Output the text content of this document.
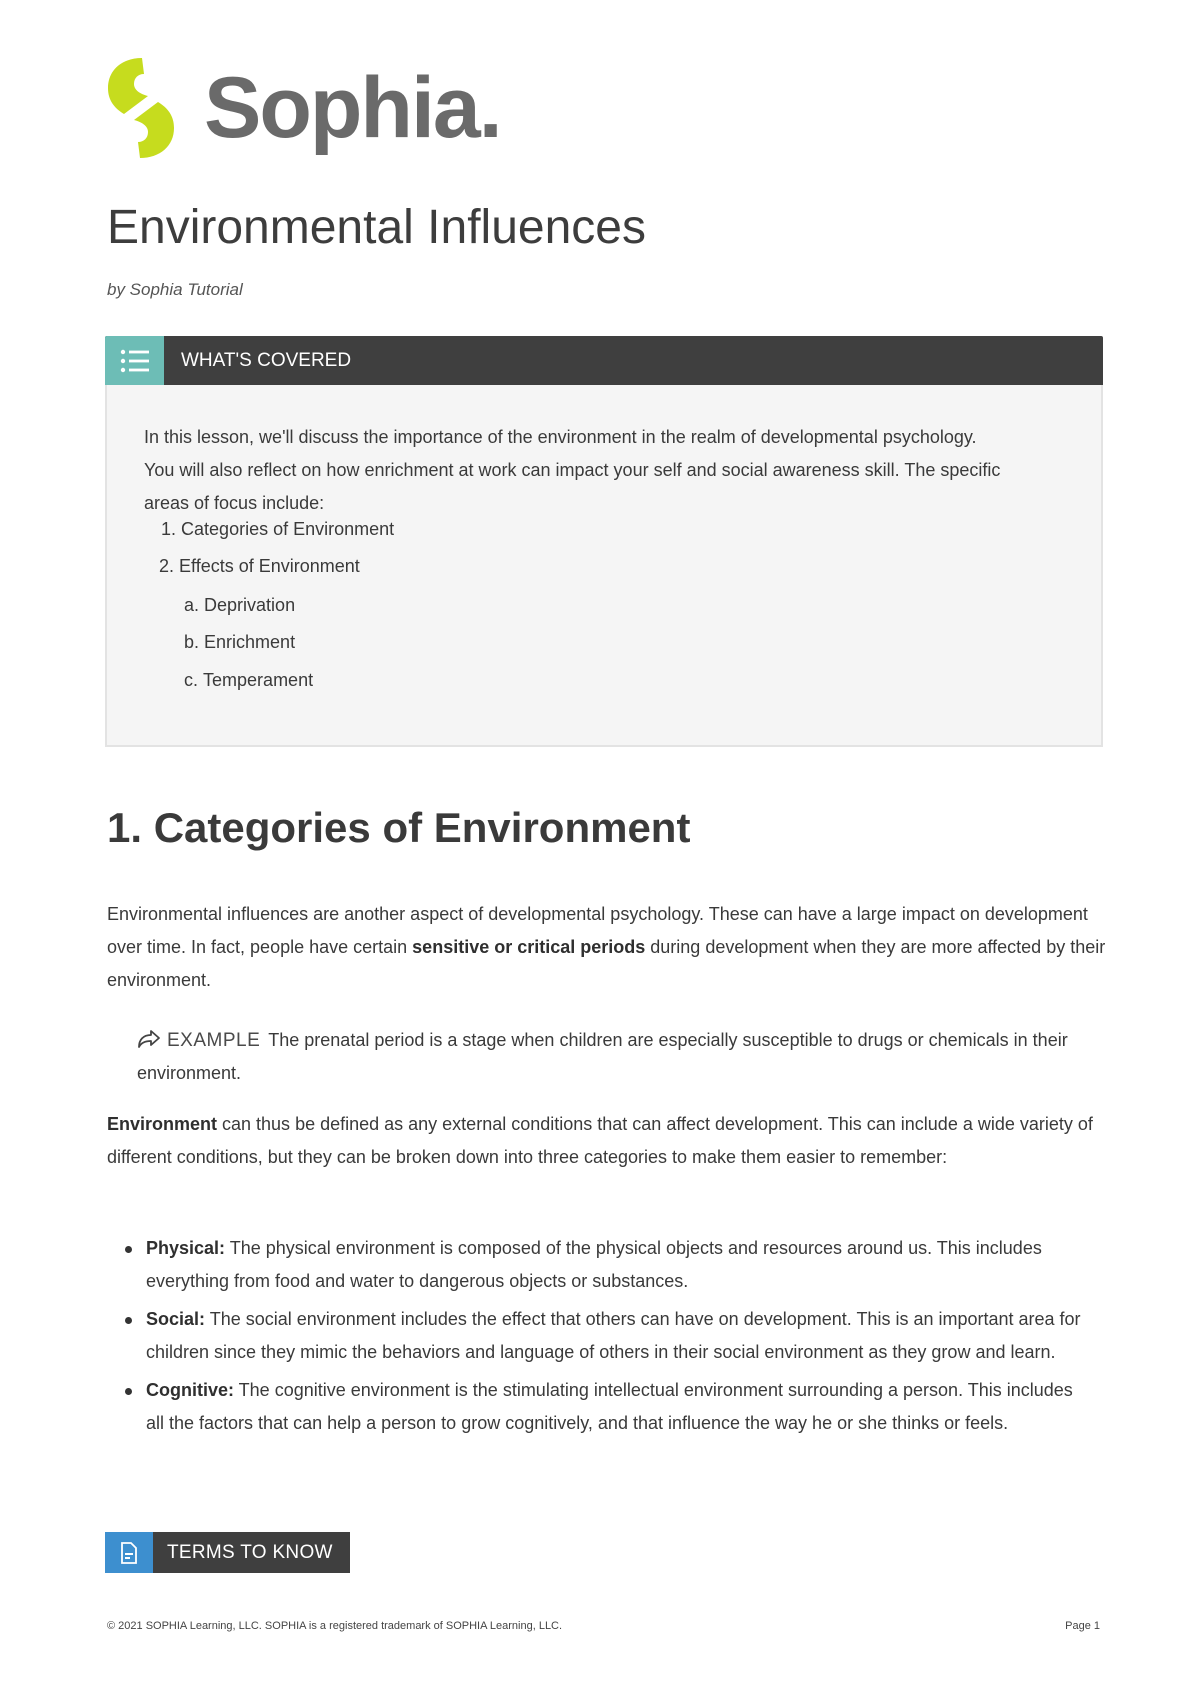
Sophia.
Environmental Influences
by Sophia Tutorial
WHAT'S COVERED

In this lesson, we'll discuss the importance of the environment in the realm of developmental psychology. You will also reflect on how enrichment at work can impact your self and social awareness skill. The specific areas of focus include:

1. Categories of Environment
2. Effects of Environment
a. Deprivation
b. Enrichment
c. Temperament
1. Categories of Environment

Environmental influences are another aspect of developmental psychology. These can have a large impact on development over time. In fact, people have certain sensitive or critical periods during development when they are more affected by their environment.

EXAMPLE The prenatal period is a stage when children are especially susceptible to drugs or chemicals in their environment.

Environment can thus be defined as any external conditions that can affect development. This can include a wide variety of different conditions, but they can be broken down into three categories to make them easier to remember:

Physical: The physical environment is composed of the physical objects and resources around us. This includes everything from food and water to dangerous objects or substances.
Social: The social environment includes the effect that others can have on development. This is an important area for children since they mimic the behaviors and language of others in their social environment as they grow and learn.
Cognitive: The cognitive environment is the stimulating intellectual environment surrounding a person. This includes all the factors that can help a person to grow cognitively, and that influence the way he or she thinks or feels.
TERMS TO KNOW
© 2021 SOPHIA Learning, LLC. SOPHIA is a registered trademark of SOPHIA Learning, LLC.	Page 1
